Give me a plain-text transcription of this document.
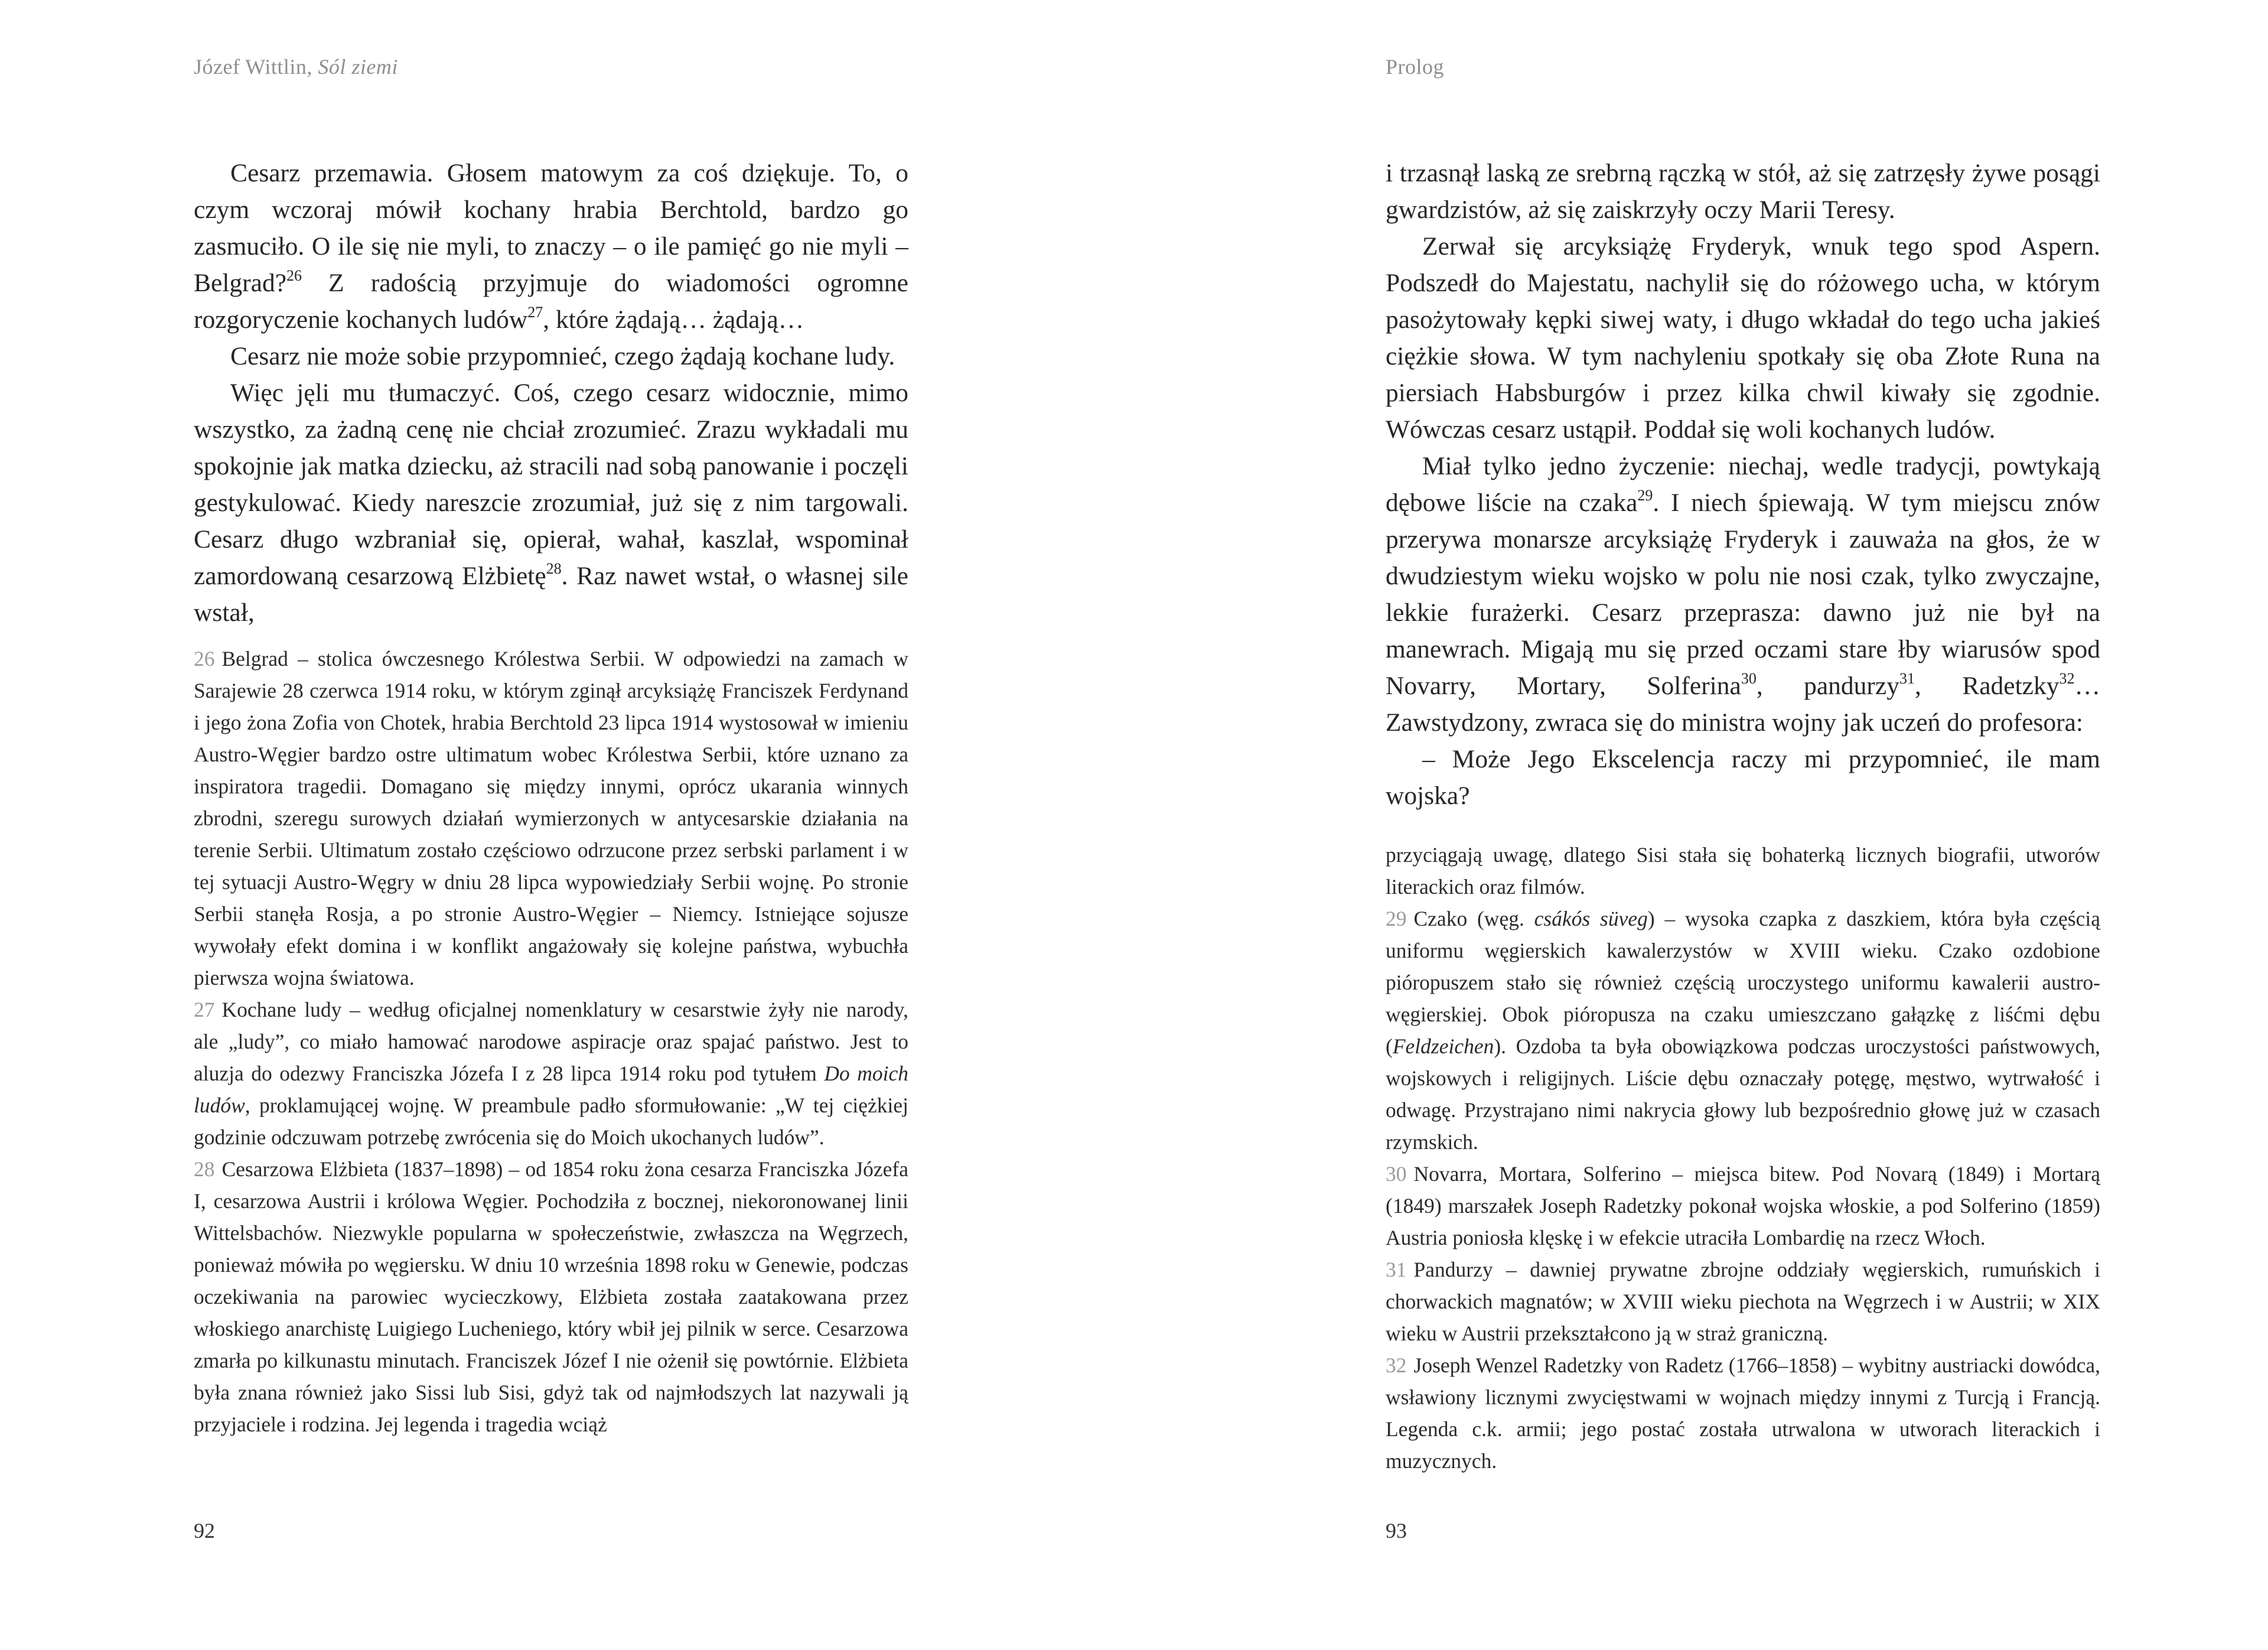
Józef Wittlin, Sól ziemi

Cesarz przemawia. Głosem matowym za coś dziękuje. To, o czym wczoraj mówił kochany hrabia Berchtold, bardzo go zasmuciło. O ile się nie myli, to znaczy – o ile pamięć go nie myli – Belgrad?$^{26}$ Z radością przyjmuje do wiadomości ogromne rozgoryczenie kochanych ludów$^{27}$, które żądają… żądają…

Cesarz nie może sobie przypomnieć, czego żądają kochane ludy.

Więc jęli mu tłumaczyć. Coś, czego cesarz widocznie, mimo wszystko, za żadną cenę nie chciał zrozumieć. Zrazu wykładali mu spokojnie jak matka dziecku, aż stracili nad sobą panowanie i poczęli gestykulować. Kiedy nareszcie zrozumiał, już się z nim targowali. Cesarz długo wzbraniał się, opierał, wahał, kaszlał, wspominał zamordowaną cesarzową Elżbietę$^{28}$. Raz nawet wstał, o własnej sile wstał,

26 Belgrad – stolica ówczesnego Królestwa Serbii. W odpowiedzi na zamach w Sarajewie 28 czerwca 1914 roku, w którym zginął arcyksiążę Franciszek Ferdynand i jego żona Zofia von Chotek, hrabia Berchtold 23 lipca 1914 wystosował w imieniu Austro-Węgier bardzo ostre ultimatum wobec Królestwa Serbii, które uznano za inspiratora tragedii. Domagano się między innymi, oprócz ukarania winnych zbrodni, szeregu surowych działań wymierzonych w antycesarskie działania na terenie Serbii. Ultimatum zostało częściowo odrzucone przez serbski parlament i w tej sytuacji Austro-Węgry w dniu 28 lipca wypowiedziały Serbii wojnę. Po stronie Serbii stanęła Rosja, a po stronie Austro-Węgier – Niemcy. Istniejące sojusze wywołały efekt domina i w konflikt angażowały się kolejne państwa, wybuchła pierwsza wojna światowa.

27 Kochane ludy – według oficjalnej nomenklatury w cesarstwie żyły nie narody, ale „ludy”, co miało hamować narodowe aspiracje oraz spajać państwo. Jest to aluzja do odezwy Franciszka Józefa I z 28 lipca 1914 roku pod tytułem Do moich ludów, proklamującej wojnę. W preambule padło sformułowanie: „W tej ciężkiej godzinie odczuwam potrzebę zwrócenia się do Moich ukochanych ludów”.

28 Cesarzowa Elżbieta (1837–1898) – od 1854 roku żona cesarza Franciszka Józefa I, cesarzowa Austrii i królowa Węgier. Pochodziła z bocznej, niekoronowanej linii Wittelsbachów. Niezwykle popularna w społeczeństwie, zwłaszcza na Węgrzech, ponieważ mówiła po węgiersku. W dniu 10 września 1898 roku w Genewie, podczas oczekiwania na parowiec wycieczkowy, Elżbieta została zaatakowana przez włoskiego anarchistę Luigiego Lucheniego, który wbił jej pilnik w serce. Cesarzowa zmarła po kilkunastu minutach. Franciszek Józef I nie ożenił się powtórnie. Elżbieta była znana również jako Sissi lub Sisi, gdyż tak od najmłodszych lat nazywali ją przyjaciele i rodzina. Jej legenda i tragedia wciąż

92
Prolog

i trzasnął laską ze srebrną rączką w stół, aż się zatrzęsły żywe posągi gwardzistów, aż się zaiskrzyły oczy Marii Teresy.

Zerwał się arcyksiążę Fryderyk, wnuk tego spod Aspern. Podszedł do Majestatu, nachylił się do różowego ucha, w którym pasożytowały kępki siwej waty, i długo wkładał do tego ucha jakieś ciężkie słowa. W tym nachyleniu spotkały się oba Złote Runa na piersiach Habsburgów i przez kilka chwil kiwały się zgodnie. Wówczas cesarz ustąpił. Poddał się woli kochanych ludów.

Miał tylko jedno życzenie: niechaj, wedle tradycji, powtykają dębowe liście na czaka$^{29}$. I niech śpiewają. W tym miejscu znów przerywa monarsze arcyksiążę Fryderyk i zauważa na głos, że w dwudziestym wieku wojsko w polu nie nosi czak, tylko zwyczajne, lekkie furażerki. Cesarz przeprasza: dawno już nie był na manewrach. Migają mu się przed oczami stare łby wiarusów spod Novarry, Mortary, Solferina$^{30}$, pandurzy$^{31}$, Radetzky$^{32}$… Zawstydzony, zwraca się do ministra wojny jak uczeń do profesora:

– Może Jego Ekscelencja raczy mi przypomnieć, ile mam wojska?

przyciągają uwagę, dlatego Sisi stała się bohaterką licznych biografii, utworów literackich oraz filmów.

29 Czako (węg. csákós süveg) – wysoka czapka z daszkiem, która była częścią uniformu węgierskich kawalerzystów w XVIII wieku. Czako ozdobione pióropuszem stało się również częścią uroczystego uniformu kawalerii austro-węgierskiej. Obok pióropusza na czaku umieszczano gałązkę z liśćmi dębu (Feldzeichen). Ozdoba ta była obowiązkowa podczas uroczystości państwowych, wojskowych i religijnych. Liście dębu oznaczały potęgę, męstwo, wytrwałość i odwagę. Przystrajano nimi nakrycia głowy lub bezpośrednio głowę już w czasach rzymskich.

30 Novarra, Mortara, Solferino – miejsca bitew. Pod Novarą (1849) i Mortarą (1849) marszałek Joseph Radetzky pokonał wojska włoskie, a pod Solferino (1859) Austria poniosła klęskę i w efekcie utraciła Lombardię na rzecz Włoch.

31 Pandurzy – dawniej prywatne zbrojne oddziały węgierskich, rumuńskich i chorwackich magnatów; w XVIII wieku piechota na Węgrzech i w Austrii; w XIX wieku w Austrii przekształcono ją w straż graniczną.

32 Joseph Wenzel Radetzky von Radetz (1766–1858) – wybitny austriacki dowódca, wsławiony licznymi zwycięstwami w wojnach między innymi z Turcją i Francją. Legenda c.k. armii; jego postać została utrwalona w utworach literackich i muzycznych.

93
